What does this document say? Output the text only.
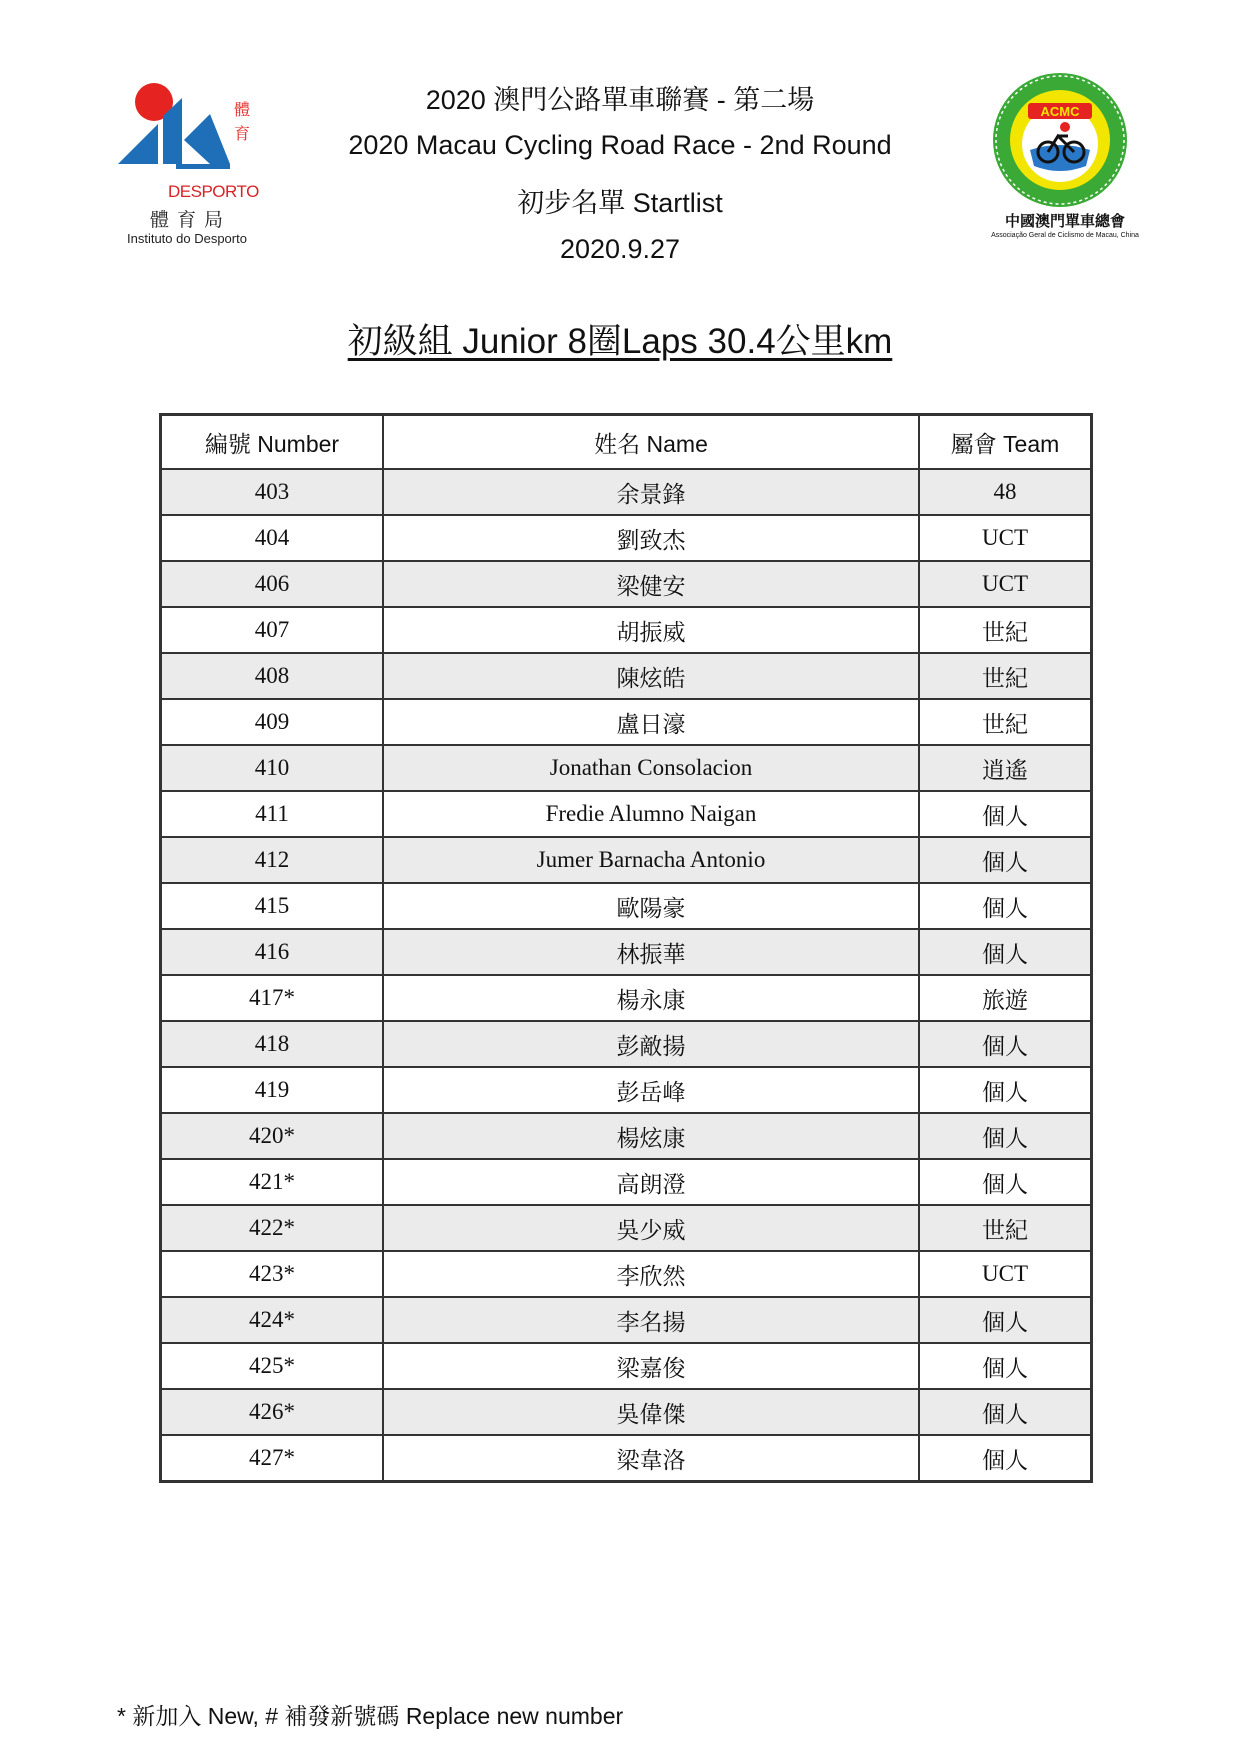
體育
DESPORTO
體育局
Instituto do Desporto
2020 澳門公路單車聯賽 - 第二場
2020 Macau Cycling Road Race - 2nd Round
初步名單 Startlist
2020.9.27
ACMC
中國澳門單車總會
Associação Geral de Ciclismo de Macau, China
初級組 Junior 8圈Laps 30.4公里km
編號 Number	姓名 Name	屬會 Team
403	余景鋒	48
404	劉致杰	UCT
406	梁健安	UCT
407	胡振威	世紀
408	陳炫皓	世紀
409	盧日濠	世紀
410	Jonathan Consolacion	逍遙
411	Fredie Alumno Naigan	個人
412	Jumer Barnacha Antonio	個人
415	歐陽豪	個人
416	林振華	個人
417*	楊永康	旅遊
418	彭敵揚	個人
419	彭岳峰	個人
420*	楊炫康	個人
421*	高朗澄	個人
422*	吳少威	世紀
423*	李欣然	UCT
424*	李名揚	個人
425*	梁嘉俊	個人
426*	吳偉傑	個人
427*	梁韋洛	個人
* 新加入 New, # 補發新號碼 Replace new number
